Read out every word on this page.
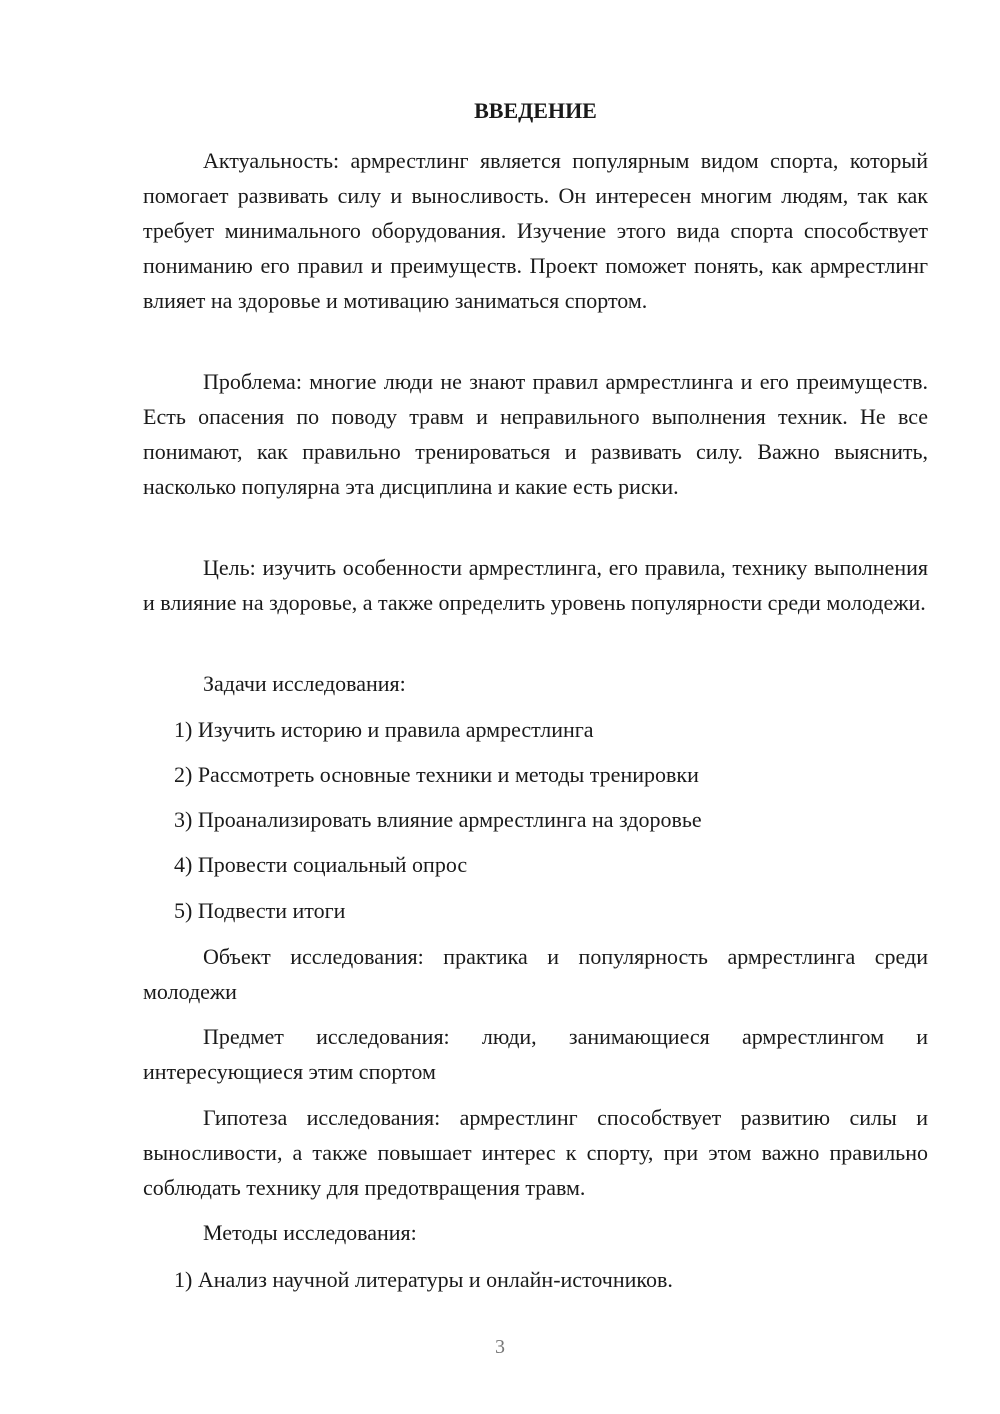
ВВЕДЕНИЕ

Актуальность: армрестлинг является популярным видом спорта, который помогает развивать силу и выносливость. Он интересен многим людям, так как требует минимального оборудования. Изучение этого вида спорта способствует пониманию его правил и преимуществ. Проект поможет понять, как армрестлинг влияет на здоровье и мотивацию заниматься спортом.

Проблема: многие люди не знают правил армрестлинга и его преимуществ. Есть опасения по поводу травм и неправильного выполнения техник. Не все понимают, как правильно тренироваться и развивать силу. Важно выяснить, насколько популярна эта дисциплина и какие есть риски.

Цель: изучить особенности армрестлинга, его правила, технику выполнения и влияние на здоровье, а также определить уровень популярности среди молодежи.

Задачи исследования:

1) Изучить историю и правила армрестлинга

2) Рассмотреть основные техники и методы тренировки

3) Проанализировать влияние армрестлинга на здоровье

4) Провести социальный опрос

5) Подвести итоги

Объект исследования: практика и популярность армрестлинга среди молодежи

Предмет исследования: люди, занимающиеся армрестлингом и интересующиеся этим спортом

Гипотеза исследования: армрестлинг способствует развитию силы и выносливости, а также повышает интерес к спорту, при этом важно правильно соблюдать технику для предотвращения травм.

Методы исследования:

1) Анализ научной литературы и онлайн-источников.

3
